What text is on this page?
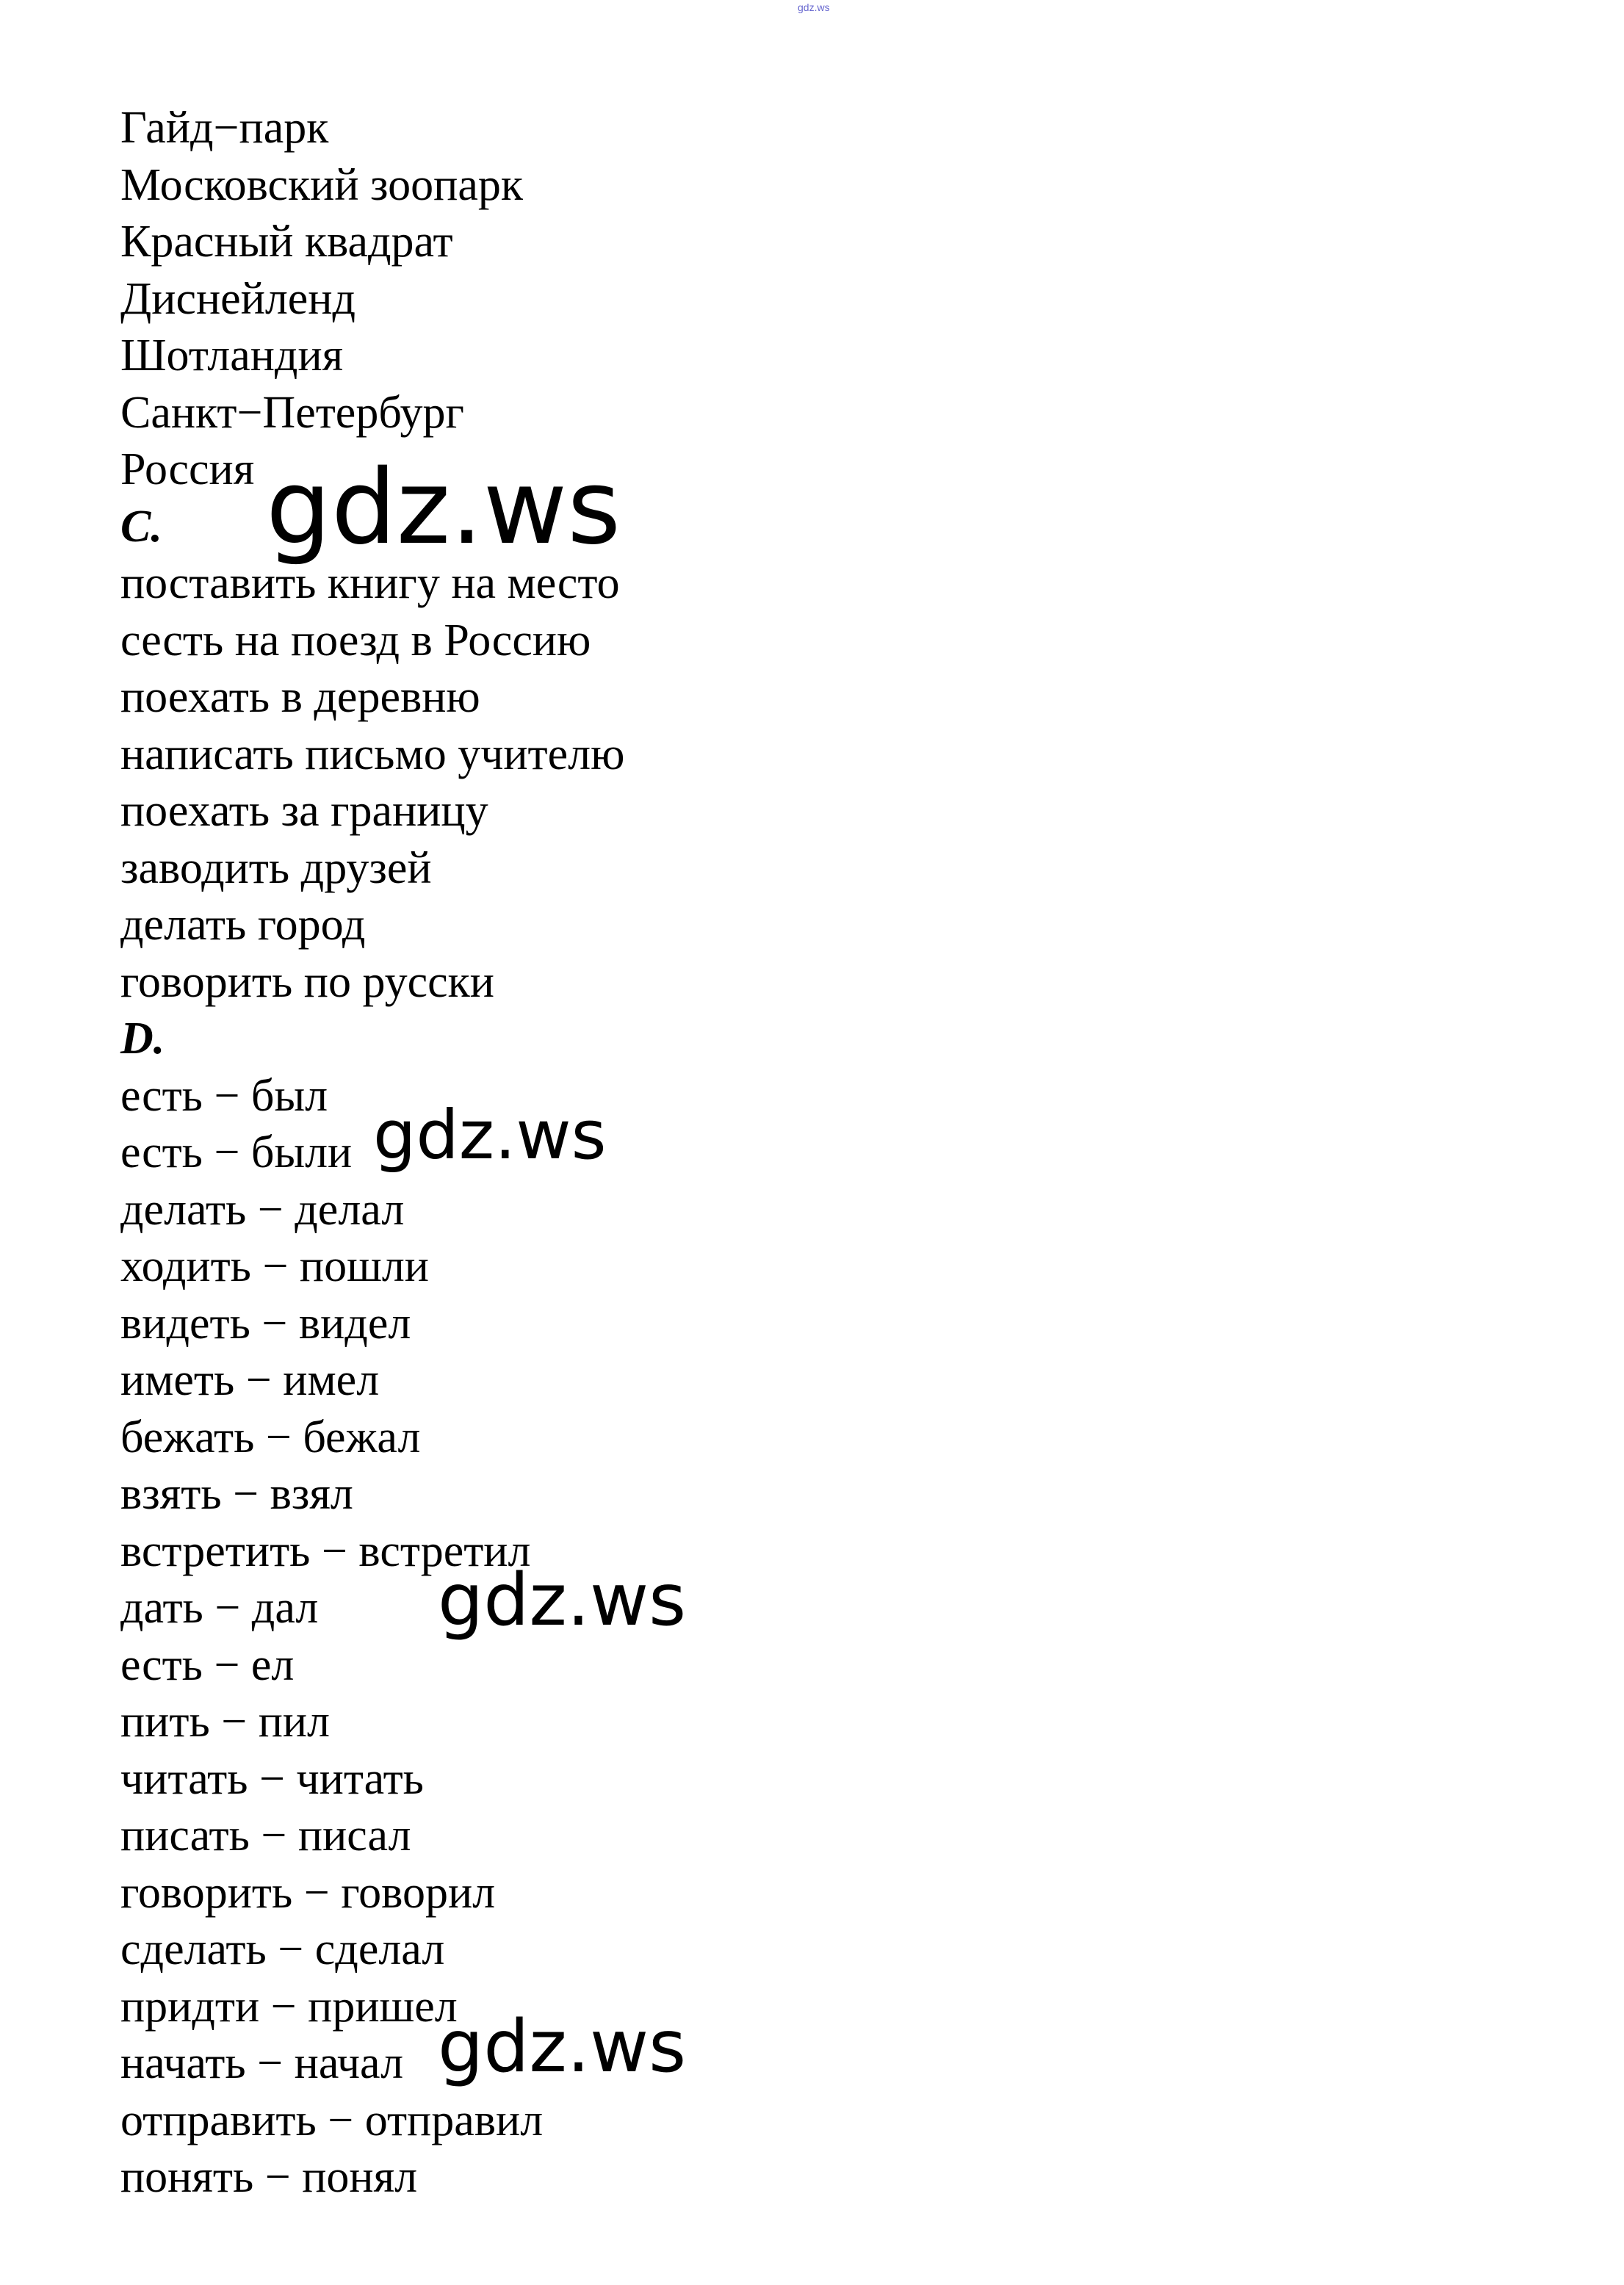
gdz.ws
Гайд−парк
Московский зоопарк
Красный квадрат
Диснейленд
Шотландия
Санкт−Петербург
Россия
C.
поставить книгу на место
сесть на поезд в Россию
поехать в деревню
написать письмо учителю
поехать за границу
заводить друзей
делать город
говорить по русски
D.
есть − был
есть − были
делать − делал
ходить − пошли
видеть − видел
иметь − имел
бежать − бежал
взять − взял
встретить − встретил
дать − дал
есть − ел
пить − пил
читать − читать
писать − писал
говорить − говорил
сделать − сделал
придти − пришел
начать − начал
отправить − отправил
понять − понял
gdz.ws
gdz.ws
gdz.ws
gdz.ws
